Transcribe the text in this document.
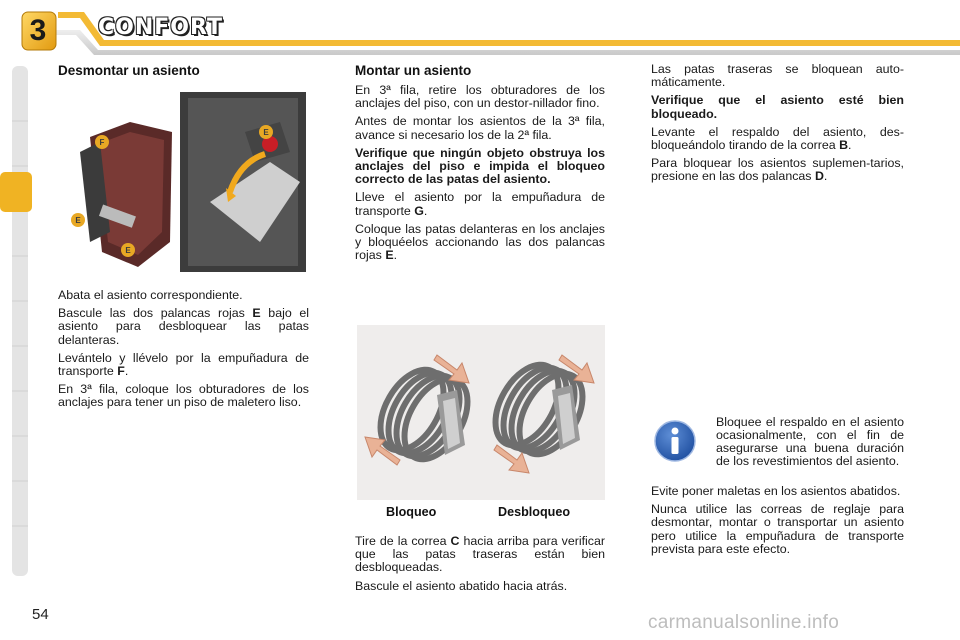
3	CONFORT
Desmontar un asiento
F
E
E
E

Abata el asiento correspondiente.

Bascule las dos palancas rojas E bajo el asiento para desbloquear las patas delanteras.

Levántelo y llévelo por la empuñadura de transporte F.

En 3ª fila, coloque los obturadores de los anclajes para tener un piso de maletero liso.

Montar un asiento

En 3ª fila, retire los obturadores de los anclajes del piso, con un destor-nillador fino.

Antes de montar los asientos de la 3ª fila, avance si necesario los de la 2ª fila.

Verifique que ningún objeto obstruya los anclajes del piso e impida el bloqueo correcto de las patas del asiento.

Lleve el asiento por la empuñadura de transporte G.

Coloque las patas delanteras en los anclajes y bloquéelos accionando las dos palancas rojas E.

Bloqueo	Desbloqueo

Tire de la correa C hacia arriba para verificar que las patas traseras están bien desbloqueadas.

Bascule el asiento abatido hacia atrás.

Las patas traseras se bloquean auto-máticamente.

Verifique que el asiento esté bien bloqueado.

Levante el respaldo del asiento, des-bloqueándolo tirando de la correa B.

Para bloquear los asientos suplemen-tarios, presione en las dos palancas D.

Bloquee el respaldo en el asiento ocasionalmente, con el fin de asegurarse una buena duración de los revestimientos del asiento.

Evite poner maletas en los asientos abatidos.

Nunca utilice las correas de reglaje para desmontar, montar o transportar un asiento pero utilice la empuñadura de transporte prevista para este efecto.

54	carmanualsonline.info
